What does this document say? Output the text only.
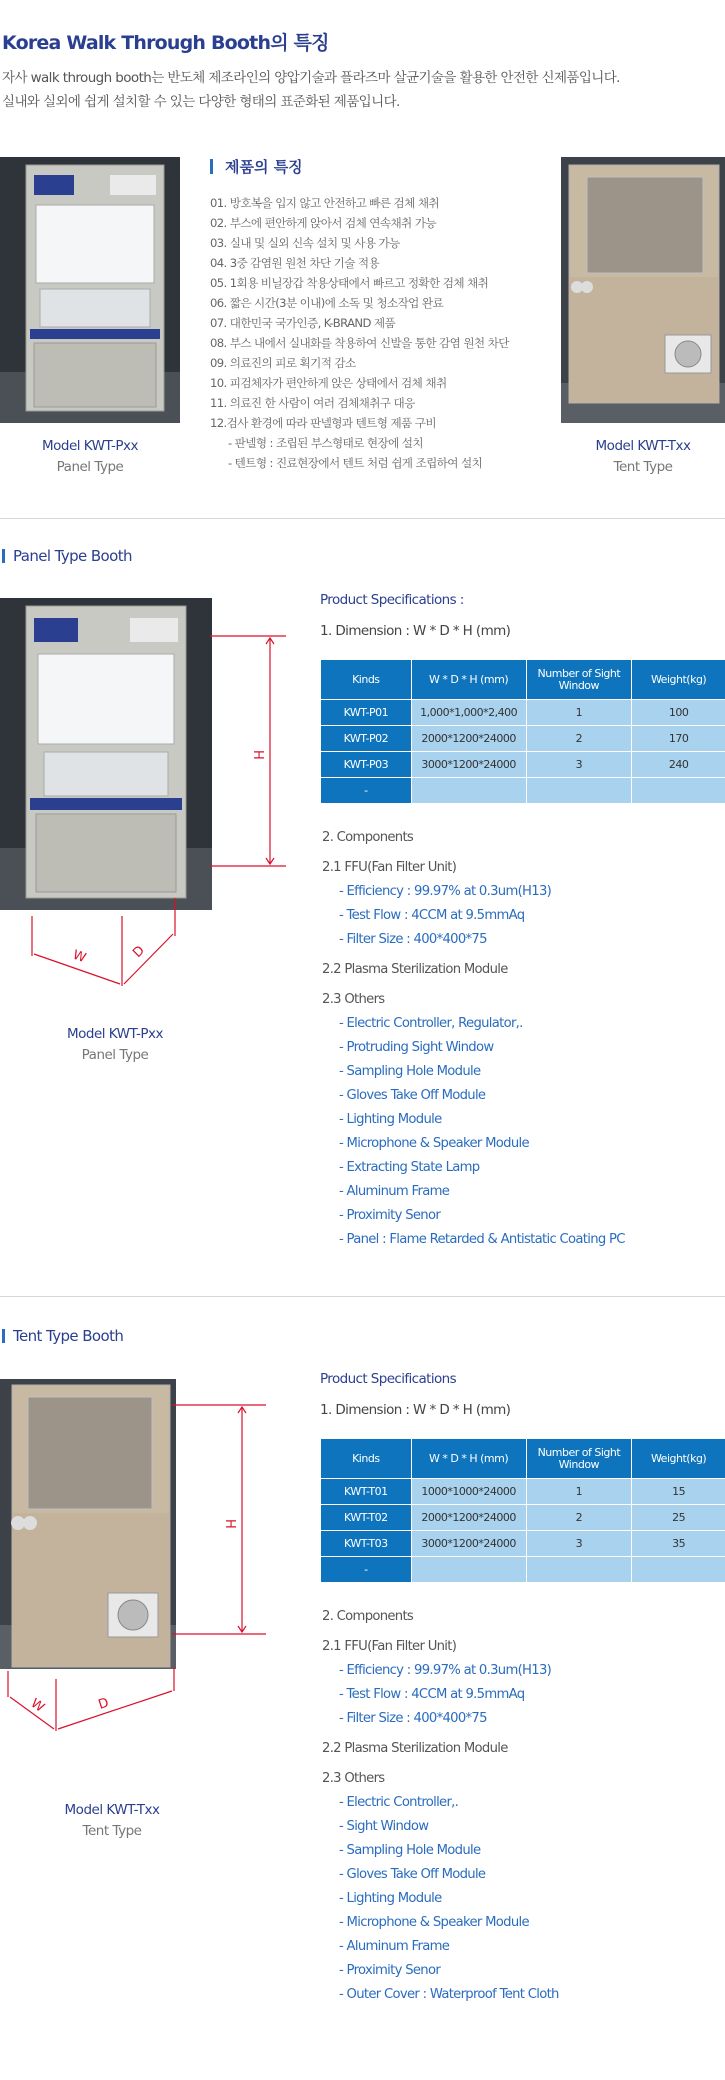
Korea Walk Through Booth의 특징
자사 walk through booth는 반도체 제조라인의 양압기술과 플라즈마 살균기술을 활용한 안전한 신제품입니다.
실내와 실외에 쉽게 설치할 수 있는 다양한 형태의 표준화된 제품입니다.
제품의 특징
01. 방호복을 입지 않고 안전하고 빠른 검체 채취
02. 부스에 편안하게 앉아서 검체 연속채취 가능
03. 실내 및 실외 신속 설치 및 사용 가능
04. 3중 감염원 원천 차단 기술 적용
05. 1회용 비닐장갑 착용상태에서 빠르고 정확한 검체 채취
06. 짧은 시간(3분 이내)에 소독 및 청소작업 완료
07. 대한민국 국가인증, K-BRAND 제품
08. 부스 내에서 실내화를 착용하여 신발을 통한 감염 원천 차단
09. 의료진의 피로 획기적 감소
10. 피검체자가 편안하게 앉은 상태에서 검체 채취
11. 의료진 한 사람이 여러 검체채취구 대응
12.검사 환경에 따라 판넬형과 텐트형 제품 구비
- 판넬형 : 조립된 부스형태로 현장에 설치
- 텐트형 : 진료현장에서 텐트 처럼 쉽게 조립하여 설치
Model KWT-Pxx
Panel Type
Model KWT-Txx
Tent Type
Panel Type Booth
H
W	D
Model KWT-Pxx
Panel Type
Product Specifications :
1. Dimension : W * D * H (mm)
Kinds	W * D * H (mm)	Number of Sight Window	Weight(kg)
KWT-P01	1,000*1,000*2,400	1	100
KWT-P02	2000*1200*24000	2	170
KWT-P03	3000*1200*24000	3	240
-			
2. Components
2.1 FFU(Fan Filter Unit)
- Efficiency : 99.97% at 0.3um(H13)
- Test Flow : 4CCM at 9.5mmAq
- Filter Size : 400*400*75
2.2 Plasma Sterilization Module
2.3 Others
- Electric Controller, Regulator,.
- Protruding Sight Window
- Sampling Hole Module
- Gloves Take Off Module
- Lighting Module
- Microphone & Speaker Module
- Extracting State Lamp
- Aluminum Frame
- Proximity Senor
- Panel : Flame Retarded & Antistatic Coating PC
Tent Type Booth
H
W	D
Model KWT-Txx
Tent Type
Product Specifications
1. Dimension : W * D * H (mm)
Kinds	W * D * H (mm)	Number of Sight Window	Weight(kg)
KWT-T01	1000*1000*24000	1	15
KWT-T02	2000*1200*24000	2	25
KWT-T03	3000*1200*24000	3	35
-			
2. Components
2.1 FFU(Fan Filter Unit)
- Efficiency : 99.97% at 0.3um(H13)
- Test Flow : 4CCM at 9.5mmAq
- Filter Size : 400*400*75
2.2 Plasma Sterilization Module
2.3 Others
- Electric Controller,.
- Sight Window
- Sampling Hole Module
- Gloves Take Off Module
- Lighting Module
- Microphone & Speaker Module
- Aluminum Frame
- Proximity Senor
- Outer Cover : Waterproof Tent Cloth
